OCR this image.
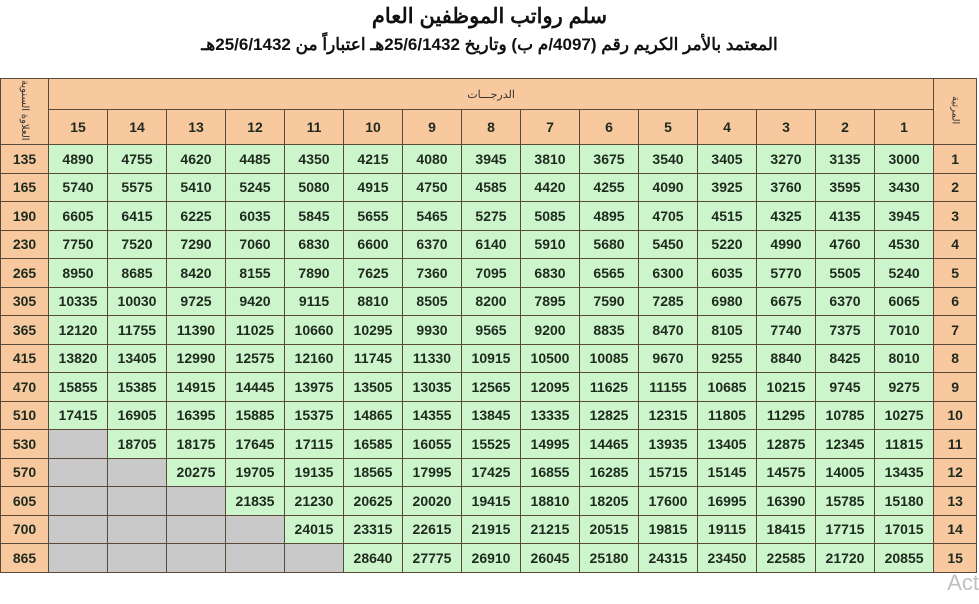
سلم رواتب الموظفين العام
المعتمد بالأمر الكريم رقم (4097/م ب) وتاريخ 25/6/1432هـ اعتباراً من 25/6/1432هـ
العلاوة السنوية	الدرجـــات															المرتبة
	15	14	13	12	11	10	9	8	7	6	5	4	3	2	1	
135	4890	4755	4620	4485	4350	4215	4080	3945	3810	3675	3540	3405	3270	3135	3000	1
165	5740	5575	5410	5245	5080	4915	4750	4585	4420	4255	4090	3925	3760	3595	3430	2
190	6605	6415	6225	6035	5845	5655	5465	5275	5085	4895	4705	4515	4325	4135	3945	3
230	7750	7520	7290	7060	6830	6600	6370	6140	5910	5680	5450	5220	4990	4760	4530	4
265	8950	8685	8420	8155	7890	7625	7360	7095	6830	6565	6300	6035	5770	5505	5240	5
305	10335	10030	9725	9420	9115	8810	8505	8200	7895	7590	7285	6980	6675	6370	6065	6
365	12120	11755	11390	11025	10660	10295	9930	9565	9200	8835	8470	8105	7740	7375	7010	7
415	13820	13405	12990	12575	12160	11745	11330	10915	10500	10085	9670	9255	8840	8425	8010	8
470	15855	15385	14915	14445	13975	13505	13035	12565	12095	11625	11155	10685	10215	9745	9275	9
510	17415	16905	16395	15885	15375	14865	14355	13845	13335	12825	12315	11805	11295	10785	10275	10
530		18705	18175	17645	17115	16585	16055	15525	14995	14465	13935	13405	12875	12345	11815	11
570			20275	19705	19135	18565	17995	17425	16855	16285	15715	15145	14575	14005	13435	12
605				21835	21230	20625	20020	19415	18810	18205	17600	16995	16390	15785	15180	13
700					24015	23315	22615	21915	21215	20515	19815	19115	18415	17715	17015	14
865						28640	27775	26910	26045	25180	24315	23450	22585	21720	20855	15
Act
